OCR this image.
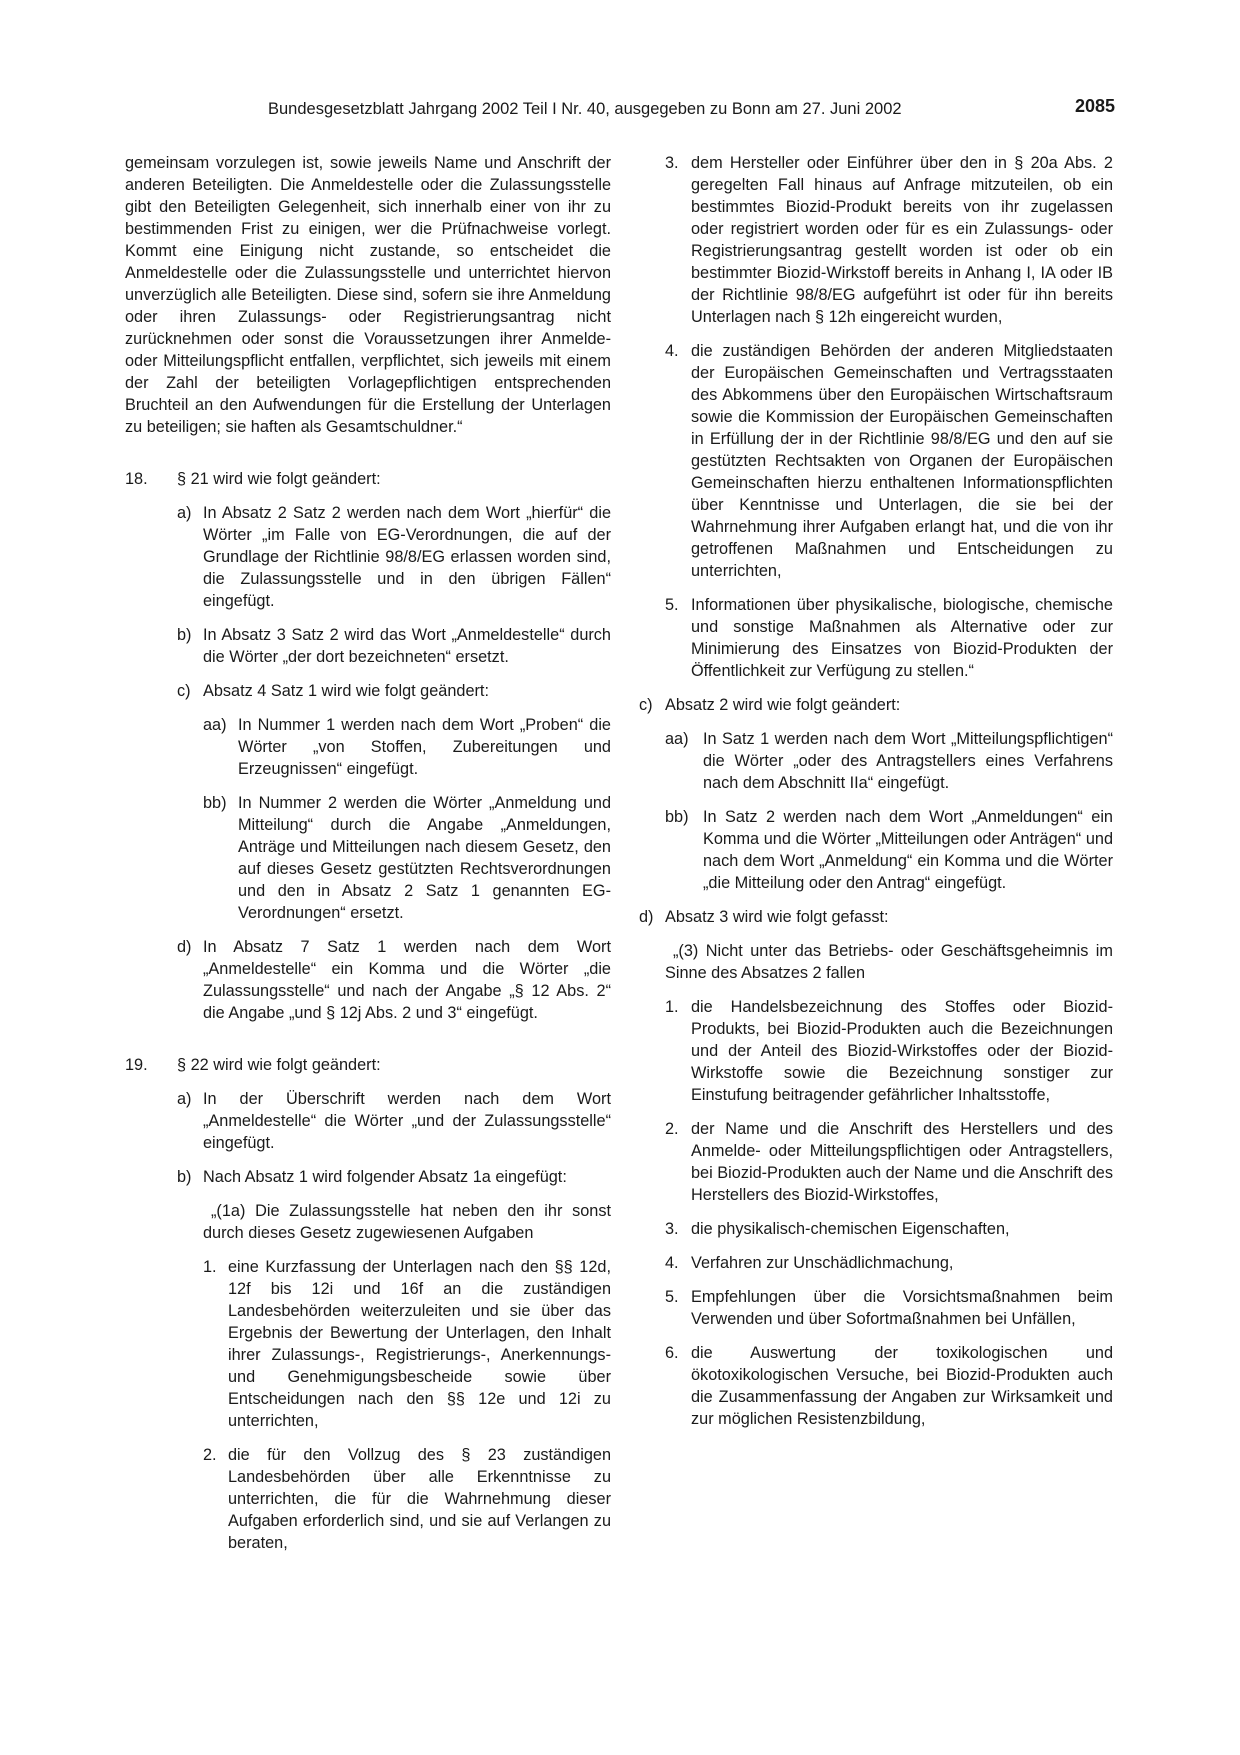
Bundesgesetzblatt Jahrgang 2002 Teil I Nr. 40, ausgegeben zu Bonn am 27. Juni 2002	2085

gemeinsam vorzulegen ist, sowie jeweils Name und Anschrift der anderen Beteiligten. Die Anmeldestelle oder die Zulassungsstelle gibt den Beteiligten Gelegenheit, sich innerhalb einer von ihr zu bestimmenden Frist zu einigen, wer die Prüfnachweise vorlegt. Kommt eine Einigung nicht zustande, so entscheidet die Anmeldestelle oder die Zulassungsstelle und unterrichtet hiervon unverzüglich alle Beteiligten. Diese sind, sofern sie ihre Anmeldung oder ihren Zulassungs- oder Registrierungsantrag nicht zurücknehmen oder sonst die Voraussetzungen ihrer Anmelde- oder Mitteilungspflicht entfallen, verpflichtet, sich jeweils mit einem der Zahl der beteiligten Vorlagepflichtigen entsprechenden Bruchteil an den Aufwendungen für die Erstellung der Unterlagen zu beteiligen; sie haften als Gesamtschuldner.“

18. § 21 wird wie folgt geändert:
a) In Absatz 2 Satz 2 werden nach dem Wort „hierfür“ die Wörter „im Falle von EG-Verordnungen, die auf der Grundlage der Richtlinie 98/8/EG erlassen worden sind, die Zulassungsstelle und in den übrigen Fällen“ eingefügt.
b) In Absatz 3 Satz 2 wird das Wort „Anmeldestelle“ durch die Wörter „der dort bezeichneten“ ersetzt.
c) Absatz 4 Satz 1 wird wie folgt geändert:
aa) In Nummer 1 werden nach dem Wort „Proben“ die Wörter „von Stoffen, Zubereitungen und Erzeugnissen“ eingefügt.
bb) In Nummer 2 werden die Wörter „Anmeldung und Mitteilung“ durch die Angabe „Anmeldungen, Anträge und Mitteilungen nach diesem Gesetz, den auf dieses Gesetz gestützten Rechtsverordnungen und den in Absatz 2 Satz 1 genannten EG-Verordnungen“ ersetzt.
d) In Absatz 7 Satz 1 werden nach dem Wort „Anmeldestelle“ ein Komma und die Wörter „die Zulassungsstelle“ und nach der Angabe „§ 12 Abs. 2“ die Angabe „und § 12j Abs. 2 und 3“ eingefügt.
19. § 22 wird wie folgt geändert:
a) In der Überschrift werden nach dem Wort „Anmeldestelle“ die Wörter „und der Zulassungsstelle“ eingefügt.
b) Nach Absatz 1 wird folgender Absatz 1a eingefügt:

„(1a) Die Zulassungsstelle hat neben den ihr sonst durch dieses Gesetz zugewiesenen Aufgaben

1. eine Kurzfassung der Unterlagen nach den §§ 12d, 12f bis 12i und 16f an die zuständigen Landesbehörden weiterzuleiten und sie über das Ergebnis der Bewertung der Unterlagen, den Inhalt ihrer Zulassungs-, Registrierungs-, Anerkennungs- und Genehmigungsbescheide sowie über Entscheidungen nach den §§ 12e und 12i zu unterrichten,
2. die für den Vollzug des § 23 zuständigen Landesbehörden über alle Erkenntnisse zu unterrichten, die für die Wahrnehmung dieser Aufgaben erforderlich sind, und sie auf Verlangen zu beraten,
3. dem Hersteller oder Einführer über den in § 20a Abs. 2 geregelten Fall hinaus auf Anfrage mitzuteilen, ob ein bestimmtes Biozid-Produkt bereits von ihr zugelassen oder registriert worden oder für es ein Zulassungs- oder Registrierungsantrag gestellt worden ist oder ob ein bestimmter Biozid-Wirkstoff bereits in Anhang I, IA oder IB der Richtlinie 98/8/EG aufgeführt ist oder für ihn bereits Unterlagen nach § 12h eingereicht wurden,
4. die zuständigen Behörden der anderen Mitgliedstaaten der Europäischen Gemeinschaften und Vertragsstaaten des Abkommens über den Europäischen Wirtschaftsraum sowie die Kommission der Europäischen Gemeinschaften in Erfüllung der in der Richtlinie 98/8/EG und den auf sie gestützten Rechtsakten von Organen der Europäischen Gemeinschaften hierzu enthaltenen Informationspflichten über Kenntnisse und Unterlagen, die sie bei der Wahrnehmung ihrer Aufgaben erlangt hat, und die von ihr getroffenen Maßnahmen und Entscheidungen zu unterrichten,
5. Informationen über physikalische, biologische, chemische und sonstige Maßnahmen als Alternative oder zur Minimierung des Einsatzes von Biozid-Produkten der Öffentlichkeit zur Verfügung zu stellen.“
c) Absatz 2 wird wie folgt geändert:
aa) In Satz 1 werden nach dem Wort „Mitteilungspflichtigen“ die Wörter „oder des Antragstellers eines Verfahrens nach dem Abschnitt IIa“ eingefügt.
bb) In Satz 2 werden nach dem Wort „Anmeldungen“ ein Komma und die Wörter „Mitteilungen oder Anträgen“ und nach dem Wort „Anmeldung“ ein Komma und die Wörter „die Mitteilung oder den Antrag“ eingefügt.
d) Absatz 3 wird wie folgt gefasst:

„(3) Nicht unter das Betriebs- oder Geschäftsgeheimnis im Sinne des Absatzes 2 fallen

1. die Handelsbezeichnung des Stoffes oder Biozid-Produkts, bei Biozid-Produkten auch die Bezeichnungen und der Anteil des Biozid-Wirkstoffes oder der Biozid-Wirkstoffe sowie die Bezeichnung sonstiger zur Einstufung beitragender gefährlicher Inhaltsstoffe,
2. der Name und die Anschrift des Herstellers und des Anmelde- oder Mitteilungspflichtigen oder Antragstellers, bei Biozid-Produkten auch der Name und die Anschrift des Herstellers des Biozid-Wirkstoffes,
3. die physikalisch-chemischen Eigenschaften,
4. Verfahren zur Unschädlichmachung,
5. Empfehlungen über die Vorsichtsmaßnahmen beim Verwenden und über Sofortmaßnahmen bei Unfällen,
6. die Auswertung der toxikologischen und ökotoxikologischen Versuche, bei Biozid-Produkten auch die Zusammenfassung der Angaben zur Wirksamkeit und zur möglichen Resistenzbildung,
